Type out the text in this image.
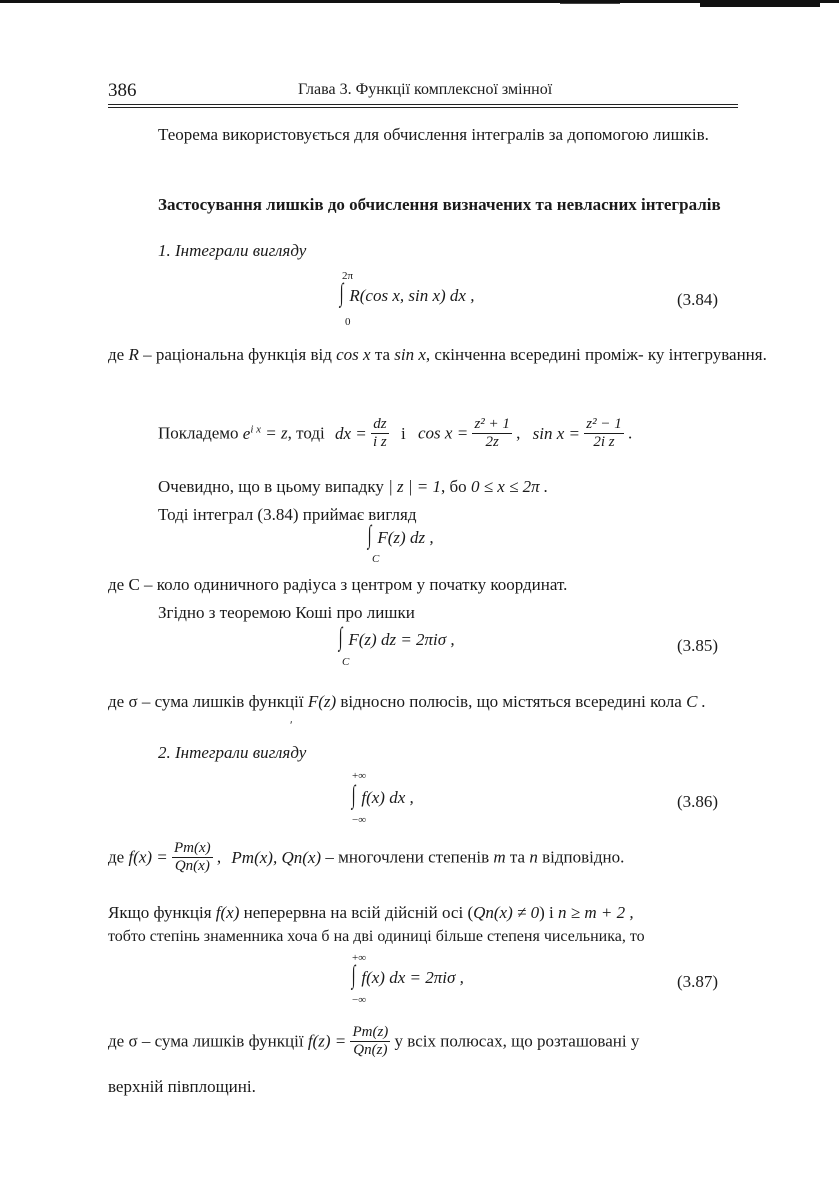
386	Глава 3. Функції комплексної змінної
Теорема використовується для обчислення інтегралів за допомогою лишків.
Застосування лишків до обчислення визначених та невласних інтегралів
1. Інтеграли вигляду
2π
∫ R(cos x, sin x) dx ,
0
(3.84)
де R – раціональна функція від cos x та sin x, скінченна всередині проміж- ку інтегрування.
Покладемо $e^{i x} = z$, тоді dx = $\frac{dz}{\text{i z}}$ і $\cos x = \frac{\text{z² + 1}}{2z}$ , $\sin x = \frac{\text{z² − 1}}{\text{2i z}}$ .
Очевидно, що в цьому випадку | z | = 1, бо 0 ≤ x ≤ 2π .
Тоді інтеграл (3.84) приймає вигляд
∫ F(z) dz ,
C
де C – коло одиничного радіуса з центром у початку координат.
Згідно з теоремою Коші про лишки
∫ F(z) dz = 2πiσ ,
C
(3.85)
де σ – сума лишків функції F(z) відносно полюсів, що містяться всередині кола C .
ʹ
2. Інтеграли вигляду
+∞
∫ f(x) dx ,
−∞
(3.86)
де $f(x) = \frac{Pm(x)}{Qn(x)}$ , Pm(x), Qn(x) – многочлени степенів m та n відповідно.
Якщо функція f(x) неперервна на всій дійсній осі (Qn(x) ≠ 0) і n ≥ m + 2 ,
тобто степінь знаменника хоча б на дві одиниці більше степеня чисельника, то
+∞
∫ f(x) dx = 2πiσ ,
−∞
(3.87)
де σ – сума лишків функції $f(z) = \frac{Pm(z)}{Qn(z)}$ у всіх полюсах, що розташовані у
верхній півплощині.
